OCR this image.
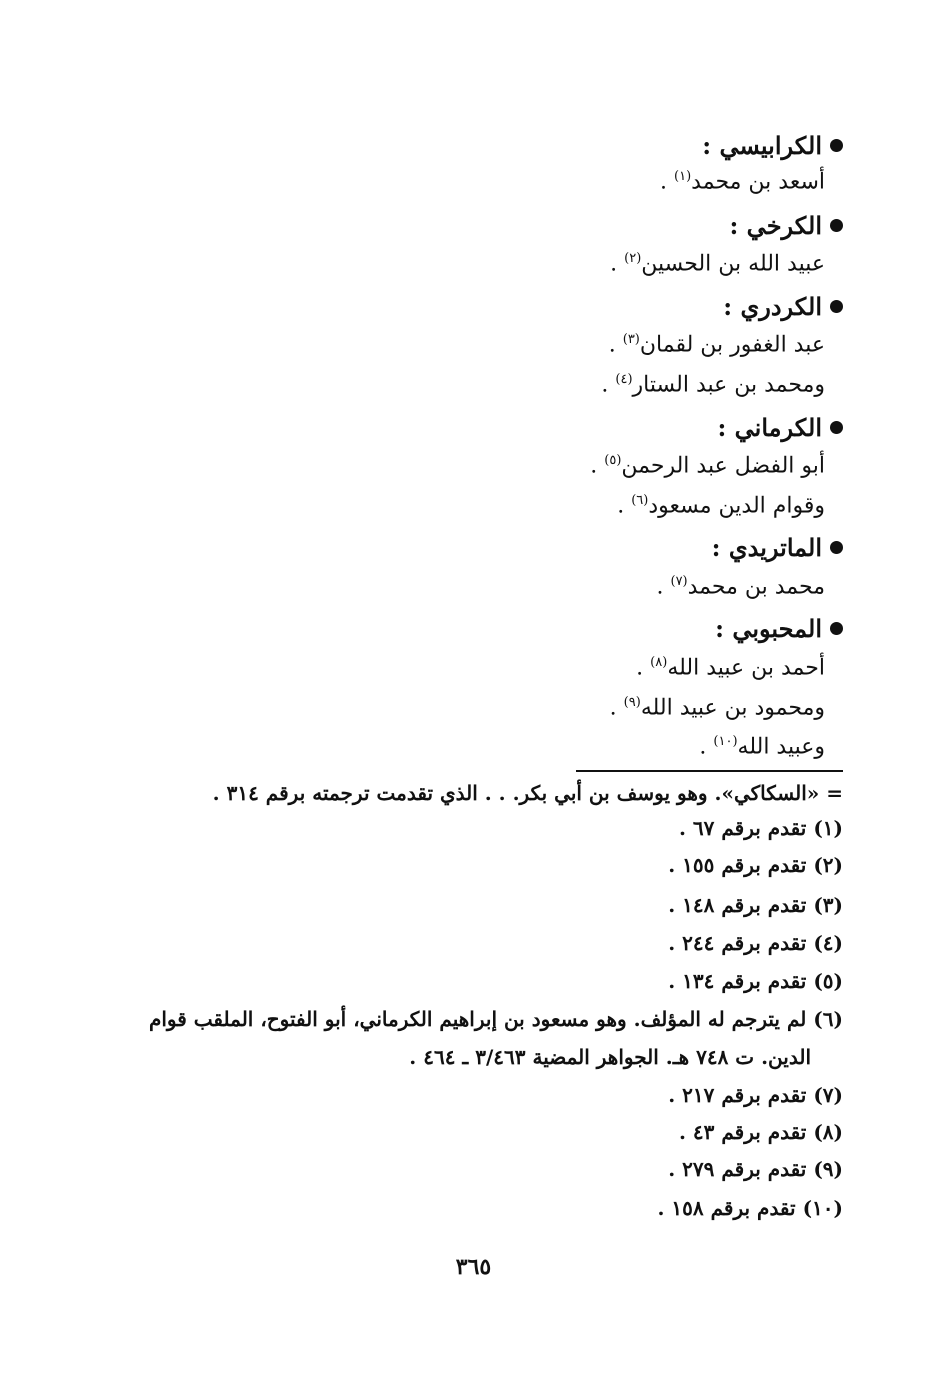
الكرابيسي :
أسعد بن محمد$^{(١)}$ .
الكرخي :
عبيد الله بن الحسين$^{(٢)}$ .
الكردري :
عبد الغفور بن لقمان$^{(٣)}$ .
ومحمد بن عبد الستار$^{(٤)}$ .
الكرماني :
أبو الفضل عبد الرحمن$^{(٥)}$ .
وقوام الدين مسعود$^{(٦)}$ .
الماتريدي :
محمد بن محمد$^{(٧)}$ .
المحبوبي :
أحمد بن عبيد الله$^{(٨)}$ .
ومحمود بن عبيد الله$^{(٩)}$ .
وعبيد الله$^{(١٠)}$ .
= «السكاكي». وهو يوسف بن أبي بكر. . . الذي تقدمت ترجمته برقم ٣١٤ .
(١) تقدم برقم ٦٧ .
(٢) تقدم برقم ١٥٥ .
(٣) تقدم برقم ١٤٨ .
(٤) تقدم برقم ٢٤٤ .
(٥) تقدم برقم ١٣٤ .
(٦) لم يترجم له المؤلف. وهو مسعود بن إبراهيم الكرماني، أبو الفتوح، الملقب قوام
الدين. ت ٧٤٨ هـ. الجواهر المضية ٣/٤٦٣ ـ ٤٦٤ .
(٧) تقدم برقم ٢١٧ .
(٨) تقدم برقم ٤٣ .
(٩) تقدم برقم ٢٧٩ .
(١٠) تقدم برقم ١٥٨ .
٣٦٥
